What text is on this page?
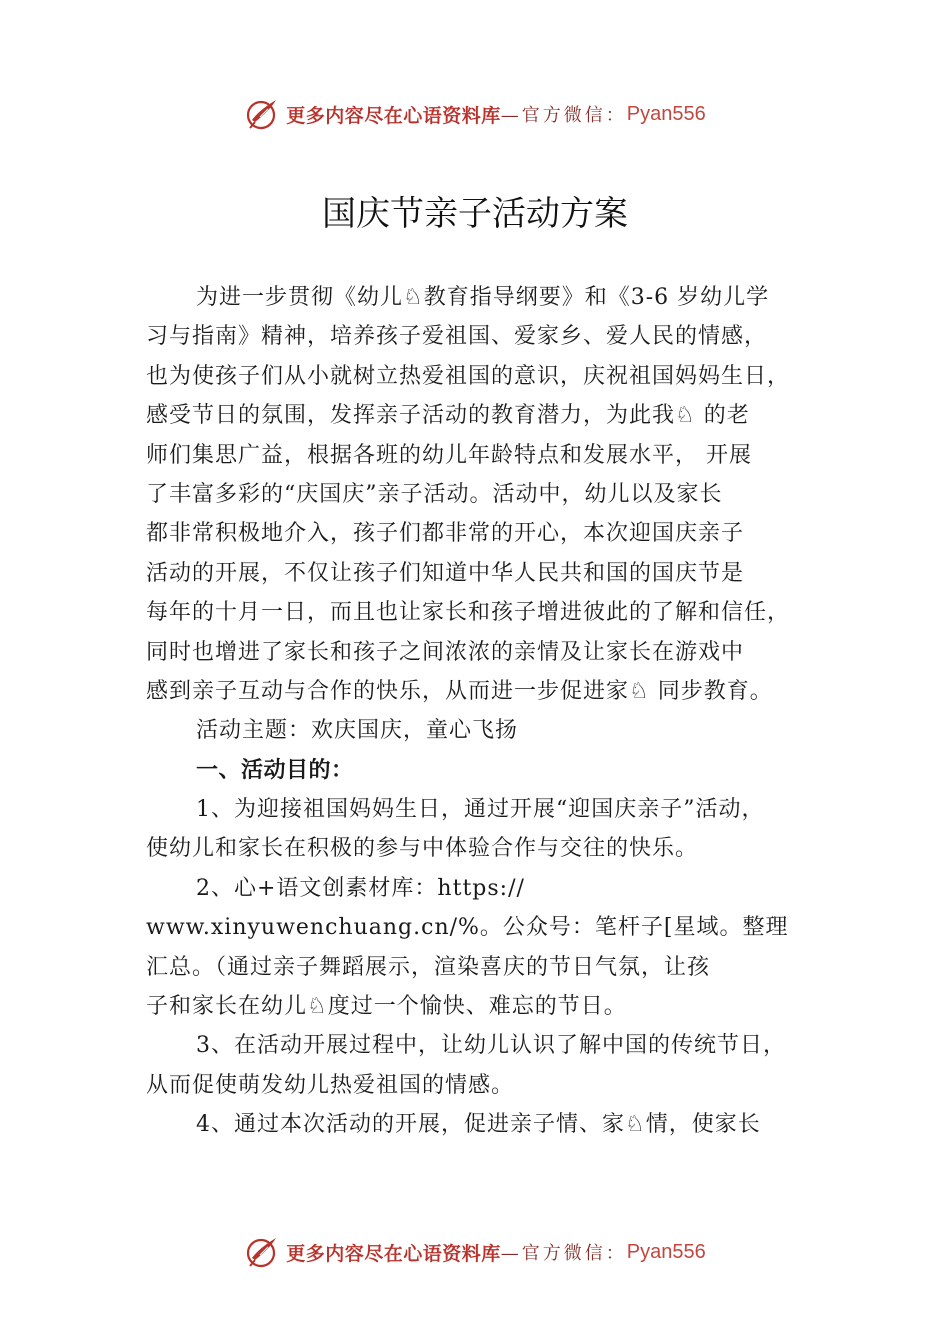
更多内容尽在心语资料库 —官方微信： Pyan556
国庆节亲子活动方案
为进一步贯彻《幼儿♘教育指导纲要》和《3-6 岁幼儿学
习与指南》精神，培养孩子爱祖国、爱家乡、爱人民的情感，
也为使孩子们从小就树立热爱祖国的意识，庆祝祖国妈妈生日，
感受节日的氛围，发挥亲子活动的教育潜力，为此我♘ 的老
师们集思广益，根据各班的幼儿年龄特点和发展水平， 开展
了丰富多彩的“庆国庆”亲子活动。活动中，幼儿以及家长
都非常积极地介入，孩子们都非常的开心，本次迎国庆亲子
活动的开展，不仅让孩子们知道中华人民共和国的国庆节是
每年的十月一日，而且也让家长和孩子增进彼此的了解和信任，
同时也增进了家长和孩子之间浓浓的亲情及让家长在游戏中
感到亲子互动与合作的快乐，从而进一步促进家♘ 同步教育。
活动主题：欢庆国庆，童心飞扬
一、活动目的：
1、为迎接祖国妈妈生日，通过开展“迎国庆亲子”活动，
使幼儿和家长在积极的参与中体验合作与交往的快乐。
2、心+语文创素材库：https://
www.xinyuwenchuang.cn/%。公众号：笔杆子[星域。整理
汇总。（通过亲子舞蹈展示，渲染喜庆的节日气氛，让孩
子和家长在幼儿♘度过一个愉快、难忘的节日。
3、在活动开展过程中，让幼儿认识了解中国的传统节日，
从而促使萌发幼儿热爱祖国的情感。
4、通过本次活动的开展，促进亲子情、家♘情，使家长
更多内容尽在心语资料库 —官方微信： Pyan556
